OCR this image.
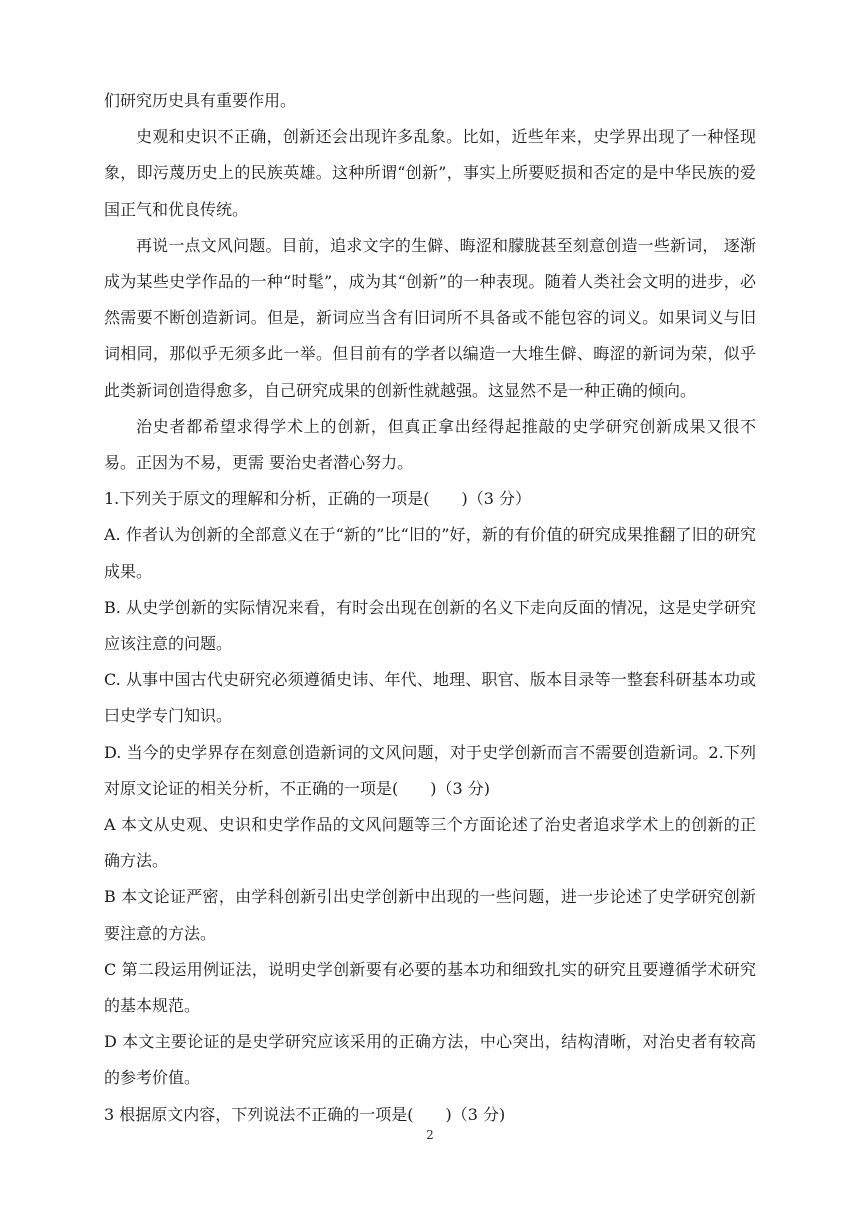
们研究历史具有重要作用。

史观和史识不正确，创新还会出现许多乱象。比如，近些年来，史学界出现了一种怪现象，即污蔑历史上的民族英雄。这种所谓“创新”，事实上所要贬损和否定的是中华民族的爱国正气和优良传统。

再说一点文风问题。目前，追求文字的生僻、晦涩和朦胧甚至刻意创造一些新词， 逐渐成为某些史学作品的一种“时髦”，成为其“创新”的一种表现。随着人类社会文明的进步，必然需要不断创造新词。但是，新词应当含有旧词所不具备或不能包容的词义。如果词义与旧词相同，那似乎无须多此一举。但目前有的学者以编造一大堆生僻、晦涩的新词为荣，似乎此类新词创造得愈多，自己研究成果的创新性就越强。这显然不是一种正确的倾向。

治史者都希望求得学术上的创新，但真正拿出经得起推敲的史学研究创新成果又很不易。正因为不易，更需 要治史者潜心努力。

1.下列关于原文的理解和分析，正确的一项是(　　)（3 分）

A. 作者认为创新的全部意义在于“新的”比“旧的”好，新的有价值的研究成果推翻了旧的研究成果。

B. 从史学创新的实际情况来看，有时会出现在创新的名义下走向反面的情况，这是史学研究应该注意的问题。

C. 从事中国古代史研究必须遵循史讳、年代、地理、职官、版本目录等一整套科研基本功或曰史学专门知识。

D. 当今的史学界存在刻意创造新词的文风问题，对于史学创新而言不需要创造新词。2.下列对原文论证的相关分析，不正确的一项是(　　)（3 分)

A 本文从史观、史识和史学作品的文风问题等三个方面论述了治史者追求学术上的创新的正确方法。

B 本文论证严密，由学科创新引出史学创新中出现的一些问题，进一步论述了史学研究创新要注意的方法。

C 第二段运用例证法，说明史学创新要有必要的基本功和细致扎实的研究且要遵循学术研究的基本规范。

D 本文主要论证的是史学研究应该采用的正确方法，中心突出，结构清晰，对治史者有较高的参考价值。

3 根据原文内容，下列说法不正确的一项是(　　)（3 分)

2
